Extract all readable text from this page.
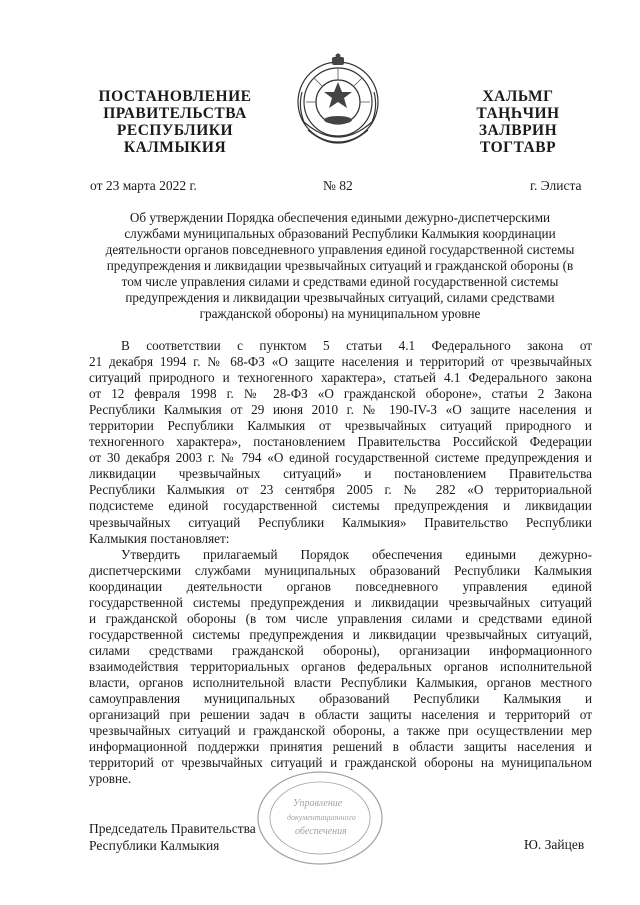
ПОСТАНОВЛЕНИЕ
ПРАВИТЕЛЬСТВА
РЕСПУБЛИКИ
КАЛМЫКИЯ
ХАЛЬМГ
ТАҢҺЧИН
ЗАЛВРИН
ТОГТАВР
от 23 марта 2022 г.	№ 82	г. Элиста
Об утверждении Порядка обеспечения едиными дежурно-диспетчерскими
службами муниципальных образований Республики Калмыкия координации
деятельности органов повседневного управления единой государственной системы
предупреждения и ликвидации чрезвычайных ситуаций и гражданской обороны (в
том числе управления силами и средствами единой государственной системы
предупреждения и ликвидации чрезвычайных ситуаций, силами средствами
гражданской обороны) на муниципальном уровне
В соответствии с пунктом 5 статьи 4.1 Федерального закона от
21 декабря 1994 г. № 68-ФЗ «О защите населения и территорий от чрезвычайных
ситуаций природного и техногенного характера», статьей 4.1 Федерального закона
от 12 февраля 1998 г. № 28-ФЗ «О гражданской обороне», статьи 2 Закона
Республики Калмыкия от 29 июня 2010 г. № 190-IV-З «О защите населения и
территории Республики Калмыкия от чрезвычайных ситуаций природного и
техногенного характера», постановлением Правительства Российской Федерации
от 30 декабря 2003 г. № 794 «О единой государственной системе предупреждения и
ликвидации чрезвычайных ситуаций» и постановлением Правительства
Республики Калмыкия от 23 сентября 2005 г. № 282 «О территориальной
подсистеме единой государственной системы предупреждения и ликвидации
чрезвычайных ситуаций Республики Калмыкия» Правительство Республики
Калмыкия постановляет:
Утвердить прилагаемый Порядок обеспечения едиными дежурно-
диспетчерскими службами муниципальных образований Республики Калмыкия
координации деятельности органов повседневного управления единой
государственной системы предупреждения и ликвидации чрезвычайных ситуаций
и гражданской обороны (в том числе управления силами и средствами единой
государственной системы предупреждения и ликвидации чрезвычайных ситуаций,
силами средствами гражданской обороны), организации информационного
взаимодействия территориальных органов федеральных органов исполнительной
власти, органов исполнительной власти Республики Калмыкия, органов местного
самоуправления муниципальных образований Республики Калмыкия и
организаций при решении задач в области защиты населения и территорий от
чрезвычайных ситуаций и гражданской обороны, а также при осуществлении мер
информационной поддержки принятия решений в области защиты населения и
территорий от чрезвычайных ситуаций и гражданской обороны на муниципальном
уровне.
Управление
документационного
обеспечения
Председатель Правительства
Республики Калмыкия	Ю. Зайцев
